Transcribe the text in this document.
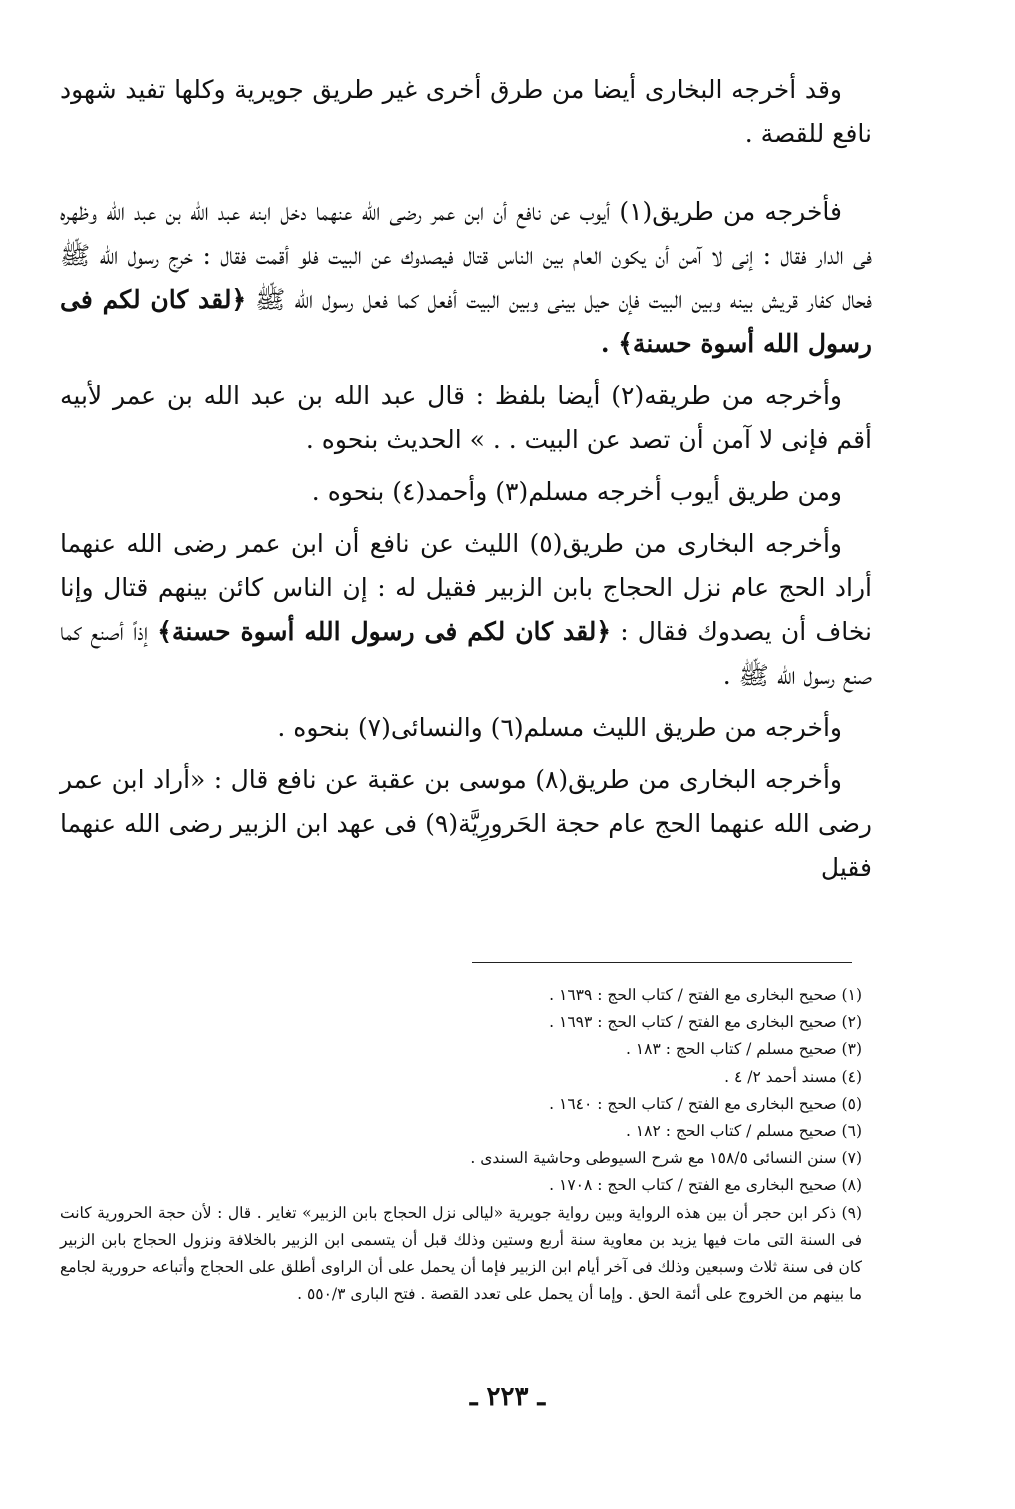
وقد أخرجه البخارى أيضا من طرق أخرى غير طريق جويرية وكلها تفيد شهود نافع للقصة .

فأخرجه من طريق(١) أيوب عن نافع أن ابن عمر رضى الله عنهما دخل ابنه عبد الله بن عبد الله وظهره فى الدار فقال : إنى لا آمن أن يكون العام بين الناس قتال فيصدوك عن البيت فلو أقمت فقال : خرج رسول الله ﷺ فحال كفار قريش بينه وبين البيت فإن حيل بينى وبين البيت أفعل كما فعل رسول الله ﷺ ﴿لقد كان لكم فى رسول الله أسوة حسنة﴾ .

وأخرجه من طريقه(٢) أيضا بلفظ : قال عبد الله بن عبد الله بن عمر لأبيه أقم فإنى لا آمن أن تصد عن البيت . . » الحديث بنحوه .

ومن طريق أيوب أخرجه مسلم(٣) وأحمد(٤) بنحوه .

وأخرجه البخارى من طريق(٥) الليث عن نافع أن ابن عمر رضى الله عنهما أراد الحج عام نزل الحجاج بابن الزبير فقيل له : إن الناس كائن بينهم قتال وإنا نخاف أن يصدوك فقال : ﴿لقد كان لكم فى رسول الله أسوة حسنة﴾ إذاً أصنع كما صنع رسول الله ﷺ .

وأخرجه من طريق الليث مسلم(٦) والنسائى(٧) بنحوه .

وأخرجه البخارى من طريق(٨) موسى بن عقبة عن نافع قال : «أراد ابن عمر رضى الله عنهما الحج عام حجة الحَرورِيَّة(٩) فى عهد ابن الزبير رضى الله عنهما فقيل

(١) صحيح البخارى مع الفتح / كتاب الحج : ١٦٣٩ .
(٢) صحيح البخارى مع الفتح / كتاب الحج : ١٦٩٣ .
(٣) صحيح مسلم / كتاب الحج : ١٨٣ .
(٤) مسند أحمد ٢/ ٤ .
(٥) صحيح البخارى مع الفتح / كتاب الحج : ١٦٤٠ .
(٦) صحيح مسلم / كتاب الحج : ١٨٢ .
(٧) سنن النسائى ١٥٨/٥ مع شرح السيوطى وحاشية السندى .
(٨) صحيح البخارى مع الفتح / كتاب الحج : ١٧٠٨ .
(٩) ذكر ابن حجر أن بين هذه الرواية وبين رواية جويرية «ليالى نزل الحجاج بابن الزبير» تغاير . قال : لأن حجة الحرورية كانت فى السنة التى مات فيها يزيد بن معاوية سنة أربع وستين وذلك قبل أن يتسمى ابن الزبير بالخلافة ونزول الحجاج بابن الزبير كان فى سنة ثلاث وسبعين وذلك فى آخر أيام ابن الزبير فإما أن يحمل على أن الراوى أطلق على الحجاج وأتباعه حرورية لجامع ما بينهم من الخروج على أئمة الحق . وإما أن يحمل على تعدد القصة . فتح البارى ٥٥٠/٣ .
ـ ٢٢٣ ـ
